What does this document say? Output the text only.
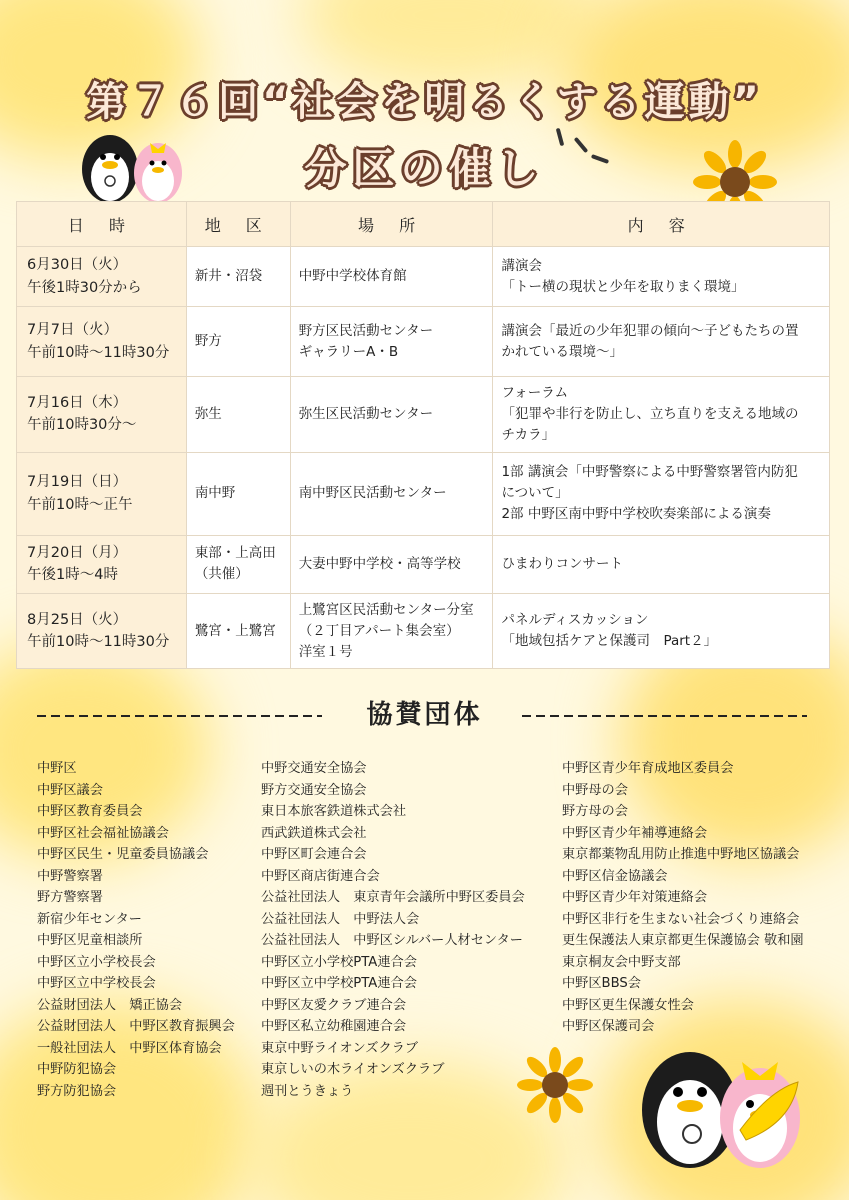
第７６回“社会を明るくする運動”
分区の催し
日 時	地 区	場 所	内 容

6月30日（火）
午後1時30分から	新井・沼袋	中野中学校体育館	講演会
「トー横の現状と少年を取りまく環境」

7月7日（火）
午前10時～11時30分	野方	野方区民活動センター
ギャラリーA・B	講演会「最近の少年犯罪の傾向～子どもたちの置
かれている環境～」

7月16日（木）
午前10時30分～	弥生	弥生区民活動センター	フォーラム
「犯罪や非行を防止し、立ち直りを支える地域の
チカラ」

7月19日（日）
午前10時～正午	南中野	南中野区民活動センター	1部 講演会「中野警察による中野警察署管内防犯
について」
2部 中野区南中野中学校吹奏楽部による演奏

7月20日（月）
午後1時～4時	東部・上高田
（共催）	大妻中野中学校・高等学校	ひまわりコンサート

8月25日（火）
午前10時～11時30分	鷺宮・上鷺宮	上鷺宮区民活動センター分室
（２丁目アパート集会室）
洋室１号	パネルディスカッション
「地域包括ケアと保護司　Part２」
協賛団体
中野区
中野区議会
中野区教育委員会
中野区社会福祉協議会
中野区民生・児童委員協議会
中野警察署
野方警察署
新宿少年センター
中野区児童相談所
中野区立小学校長会
中野区立中学校長会
公益財団法人　矯正協会
公益財団法人　中野区教育振興会
一般社団法人　中野区体育協会
中野防犯協会
野方防犯協会
中野交通安全協会
野方交通安全協会
東日本旅客鉄道株式会社
西武鉄道株式会社
中野区町会連合会
中野区商店街連合会
公益社団法人　東京青年会議所中野区委員会
公益社団法人　中野法人会
公益社団法人　中野区シルバー人材センター
中野区立小学校PTA連合会
中野区立中学校PTA連合会
中野区友愛クラブ連合会
中野区私立幼稚園連合会
東京中野ライオンズクラブ
東京しいの木ライオンズクラブ
週刊とうきょう
中野区青少年育成地区委員会
中野母の会
野方母の会
中野区青少年補導連絡会
東京都薬物乱用防止推進中野地区協議会
中野区信金協議会
中野区青少年対策連絡会
中野区非行を生まない社会づくり連絡会
更生保護法人東京都更生保護協会 敬和園
東京桐友会中野支部
中野区BBS会
中野区更生保護女性会
中野区保護司会
